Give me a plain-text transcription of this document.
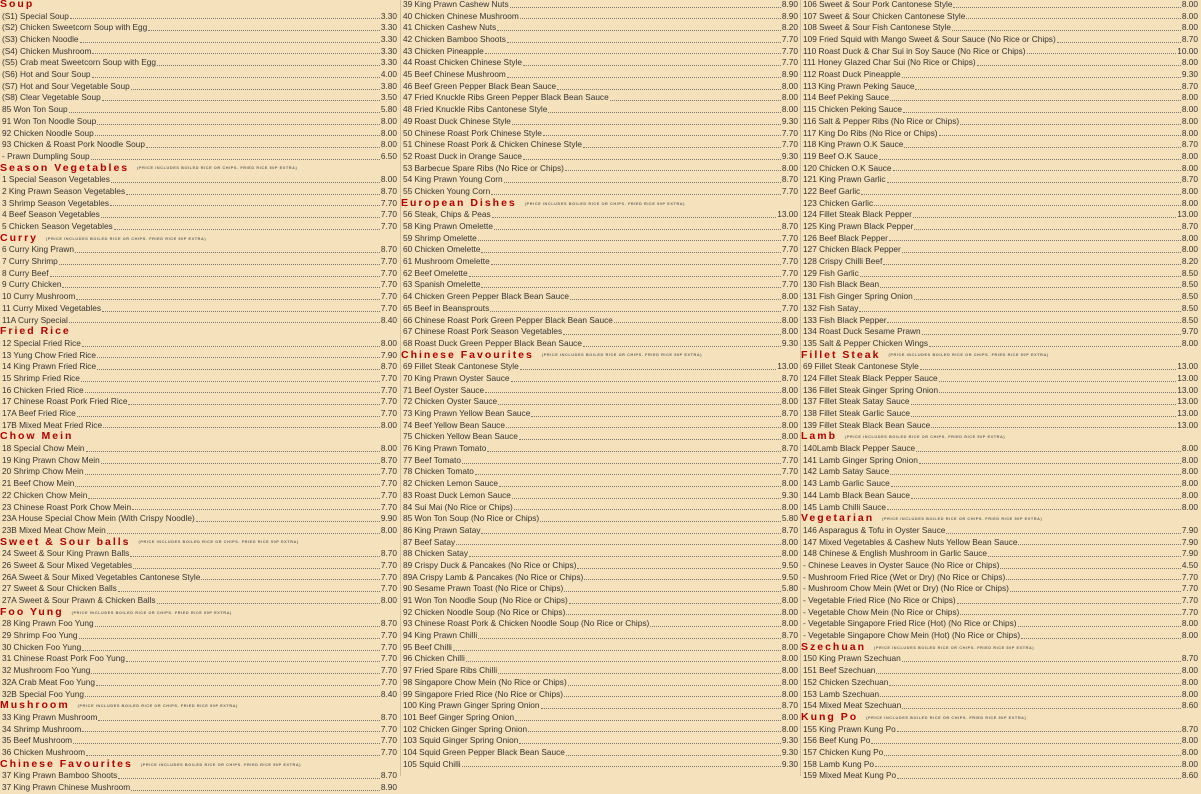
Soup
(S1) Special Soup	3.30
(S2) Chicken Sweetcorn Soup with Egg	3.30
(S3) Chicken Noodle	3.30
(S4) Chicken Mushroom	3.30
(S5) Crab meat Sweetcorn Soup with Egg	3.30
(S6) Hot and Sour Soup	4.00
(S7) Hot and Sour Vegetable Soup	3.80
(S8) Clear Vegetable Soup	3.50
85 Won Ton Soup	5.80
91 Won Ton Noodle Soup	8.00
92 Chicken Noodle Soup	8.00
93 Chicken & Roast Pork Noodle Soup	8.00
- Prawn Dumpling Soup	6.50
Season Vegetables (PRICE INCLUDES BOILED RICE OR CHIPS. FRIED RICE 50P EXTRA)
1 Special Season Vegetables	8.00
2 King Prawn Season Vegetables	8.70
3 Shrimp Season Vegetables	7.70
4 Beef Season Vegetables	7.70
5 Chicken Season Vegetables	7.70
Curry (PRICE INCLUDES BOILED RICE OR CHIPS. FRIED RICE 50P EXTRA)
6 Curry King Prawn	8.70
7 Curry Shrimp	7.70
8 Curry Beef	7.70
9 Curry Chicken	7.70
10 Curry Mushroom	7.70
11 Curry Mixed Vegetables	7.70
11A Curry Special	8.40
Fried Rice
12 Special Fried Rice	8.00
13 Yung Chow Fried Rice	7.90
14 King Prawn Fried Rice	8.70
15 Shrimp Fried Rice	7.70
16 Chicken Fried Rice	7.70
17 Chinese Roast Pork Fried Rice	7.70
17A Beef Fried Rice	7.70
17B Mixed Meat Fried Rice	8.00
Chow Mein
18 Special Chow Mein	8.00
19 King Prawn Chow Mein	8.70
20 Shrimp Chow Mein	7.70
21 Beef Chow Mein	7.70
22 Chicken Chow Mein	7.70
23 Chinese Roast Pork Chow Mein	7.70
23A House Special Chow Mein (With Crispy Noodle)	9.90
23B Mixed Meat Chow Mein	8.00
Sweet & Sour balls (PRICE INCLUDES BOILED RICE OR CHIPS. FRIED RICE 50P EXTRA)
24 Sweet & Sour King Prawn Balls	8.70
26 Sweet & Sour Mixed Vegetables	7.70
26A Sweet & Sour Mixed Vegetables Cantonese Style	7.70
27 Sweet & Sour Chicken Balls	7.70
27A Sweet & Sour Prawn & Chicken Balls	8.00
Foo Yung (PRICE INCLUDES BOILED RICE OR CHIPS. FRIED RICE 50P EXTRA)
28 King Prawn Foo Yung	8.70
29 Shrimp Foo Yung	7.70
30 Chicken Foo Yung	7.70
31 Chinese Roast Pork Foo Yung	7.70
32 Mushroom Foo Yung	7.70
32A Crab Meat Foo Yung	7.70
32B Special Foo Yung	8.40
Mushroom (PRICE INCLUDES BOILED RICE OR CHIPS. FRIED RICE 50P EXTRA)
33 King Prawn Mushroom	8.70
34 Shrimp Mushroom	7.70
35 Beef Mushroom	7.70
36 Chicken Mushroom	7.70
Chinese Favourites (PRICE INCLUDES BOILED RICE OR CHIPS. FRIED RICE 50P EXTRA)
37 King Prawn Bamboo Shoots	8.70
37 King Prawn Chinese Mushroom	8.90
39 King Prawn Cashew Nuts	8.90
40 Chicken Chinese Mushroom	8.90
41 Chicken Cashew Nuts	8.20
42 Chicken Bamboo Shoots	7.70
43 Chicken Pineapple	7.70
44 Roast Chicken Chinese Style	7.70
45 Beef Chinese Mushroom	8.90
46 Beef Green Pepper Black Bean Sauce	8.00
47 Fried Knuckle Ribs Green Pepper Black Bean Sauce	8.00
48 Fried Knuckle Ribs Cantonese Style	8.00
49 Roast Duck Chinese Style	9.30
50 Chinese Roast Pork Chinese Style	7.70
51 Chinese Roast Pork & Chicken Chinese Style	7.70
52 Roast Duck in Orange Sauce	9.30
53 Barbecue Spare Ribs (No Rice or Chips)	8.00
54 King Prawn Young Corn	8.70
55 Chicken Young Corn	7.70
European Dishes (PRICE INCLUDES BOILED RICE OR CHIPS. FRIED RICE 50P EXTRA)
56 Steak, Chips & Peas	13.00
58 King Prawn Omelette	8.70
59 Shrimp Omelette	7.70
60 Chicken Omelette	7.70
61 Mushroom Omelette	7.70
62 Beef Omelette	7.70
63 Spanish Omelette	7.70
64 Chicken Green Pepper Black Bean Sauce	8.00
65 Beef in Beansprouts	7.70
66 Chinese Roast Pork Green Pepper Black Bean Sauce	8.00
67 Chinese Roast Pork Season Vegetables	8.00
68 Roast Duck Green Pepper Black Bean Sauce	9.30
Chinese Favourites (PRICE INCLUDES BOILED RICE OR CHIPS. FRIED RICE 50P EXTRA)
69 Fillet Steak Cantonese Style	13.00
70 King Prawn Oyster Sauce	8.70
71 Beef Oyster Sauce	8.00
72 Chicken Oyster Sauce	8.00
73 King Prawn Yellow Bean Sauce	8.70
74 Beef Yellow Bean Sauce	8.00
75 Chicken Yellow Bean Sauce	8.00
76 King Prawn Tomato	8.70
77 Beef Tomato	7.70
78 Chicken Tomato	7.70
82 Chicken Lemon Sauce	8.00
83 Roast Duck Lemon Sauce	9.30
84 Sui Mai (No Rice or Chips)	8.00
85 Won Ton Soup (No Rice or Chips)	5.80
86 King Prawn Satay	8.70
87 Beef Satay	8.00
88 Chicken Satay	8.00
89 Crispy Duck & Pancakes (No Rice or Chips)	9.50
89A Crispy Lamb & Pancakes (No Rice or Chips)	9.50
90 Sesame Prawn Toast (No Rice or Chips)	5.80
91 Won Ton Noodle Soup (No Rice or Chips)	8.00
92 Chicken Noodle Soup (No Rice or Chips)	8.00
93 Chinese Roast Pork & Chicken Noodle Soup (No Rice or Chips)	8.00
94 King Prawn Chilli	8.70
95 Beef Chilli	8.00
96 Chicken Chilli	8.00
97 Fried Spare Ribs Chilli	8.00
98 Singapore Chow Mein (No Rice or Chips)	8.00
99 Singapore Fried Rice (No Rice or Chips)	8.00
100 King Prawn Ginger Spring Onion	8.70
101 Beef Ginger Spring Onion	8.00
102 Chicken Ginger Spring Onion	8.00
103 Squid Ginger Spring Onion	9.30
104 Squid Green Pepper Black Bean Sauce	9.30
105 Squid Chilli	9.30
106 Sweet & Sour Pork Cantonese Style	8.00
107 Sweet & Sour Chicken Cantonese Style	8.00
108 Sweet & Sour Fish Cantonese Style	8.00
109 Fried Squid with Mango Sweet & Sour Sauce (No Rice or Chips)	8.70
110 Roast Duck & Char Sui in Soy Sauce (No Rice or Chips)	10.00
111 Honey Glazed Char Sui (No Rice or Chips)	8.00
112 Roast Duck Pineapple	9.30
113 King Prawn Peking Sauce	8.70
114 Beef Peking Sauce	8.00
115 Chicken Peking Sauce	8.00
116 Salt & Pepper Ribs (No Rice or Chips)	8.00
117 King Do Ribs (No Rice or Chips)	8.00
118 King Prawn O.K Sauce	8.70
119 Beef O.K Sauce	8.00
120 Chicken O.K Sauce	8.00
121 King Prawn Garlic	8.70
122 Beef Garlic	8.00
123 Chicken Garlic	8.00
124 Fillet Steak Black Pepper	13.00
125 King Prawn Black Pepper	8.70
126 Beef Black Pepper	8.00
127 Chicken Black Pepper	8.00
128 Crispy Chilli Beef	8.20
129 Fish Garlic	8.50
130 Fish Black Bean	8.50
131 Fish Ginger Spring Onion	8.50
132 Fish Satay	8.50
133 Fish Black Pepper	8.50
134 Roast Duck Sesame Prawn	9.70
135 Salt & Pepper Chicken Wings	8.00
Fillet Steak (PRICE INCLUDES BOILED RICE OR CHIPS. FRIED RICE 50P EXTRA)
69 Fillet Steak Cantonese Style	13.00
124 Fillet Steak Black Pepper Sauce	13.00
136 Fillet Steak Ginger Spring Onion	13.00
137 Fillet Steak Satay Sauce	13.00
138 Fillet Steak Garlic Sauce	13.00
139 Fillet Steak Black Bean Sauce	13.00
Lamb (PRICE INCLUDES BOILED RICE OR CHIPS. FRIED RICE 50P EXTRA)
140Lamb Black Pepper Sauce	8.00
141 Lamb Ginger Spring Onion	8.00
142 Lamb Satay Sauce	8.00
143 Lamb Garlic Sauce	8.00
144 Lamb Black Bean Sauce	8.00
145 Lamb Chilli Sauce	8.00
Vegetarian (PRICE INCLUDES BOILED RICE OR CHIPS. FRIED RICE 50P EXTRA)
146 Asparagus & Tofu in Oyster Sauce	7.90
147 Mixed Vegetables & Cashew Nuts Yellow Bean Sauce	7.90
148 Chinese & English Mushroom in Garlic Sauce	7.90
- Chinese Leaves in Oyster Sauce (No Rice or Chips)	4.50
- Mushroom Fried Rice (Wet or Dry) (No Rice or Chips)	7.70
- Mushroom Chow Mein (Wet or Dry) (No Rice or Chips)	7.70
- Vegetable Fried Rice (No Rice or Chips)	7.70
- Vegetable Chow Mein (No Rice or Chips)	7.70
- Vegetable Singapore Fried Rice (Hot) (No Rice or Chips)	8.00
- Vegetable Singapore Chow Mein (Hot) (No Rice or Chips)	8.00
Szechuan (PRICE INCLUDES BOILED RICE OR CHIPS. FRIED RICE 50P EXTRA)
150 King Prawn Szechuan	8.70
151 Beef Szechuan	8.00
152 Chicken Szechuan	8.00
153 Lamb Szechuan	8.00
154 Mixed Meat Szechuan	8.60
Kung Po (PRICE INCLUDES BOILED RICE OR CHIPS. FRIED RICE 50P EXTRA)
155 King Prawn Kung Po	8.70
156 Beef Kung Po	8.00
157 Chicken Kung Po	8.00
158 Lamb Kung Po	8.00
159 Mixed Meat Kung Po	8.60
